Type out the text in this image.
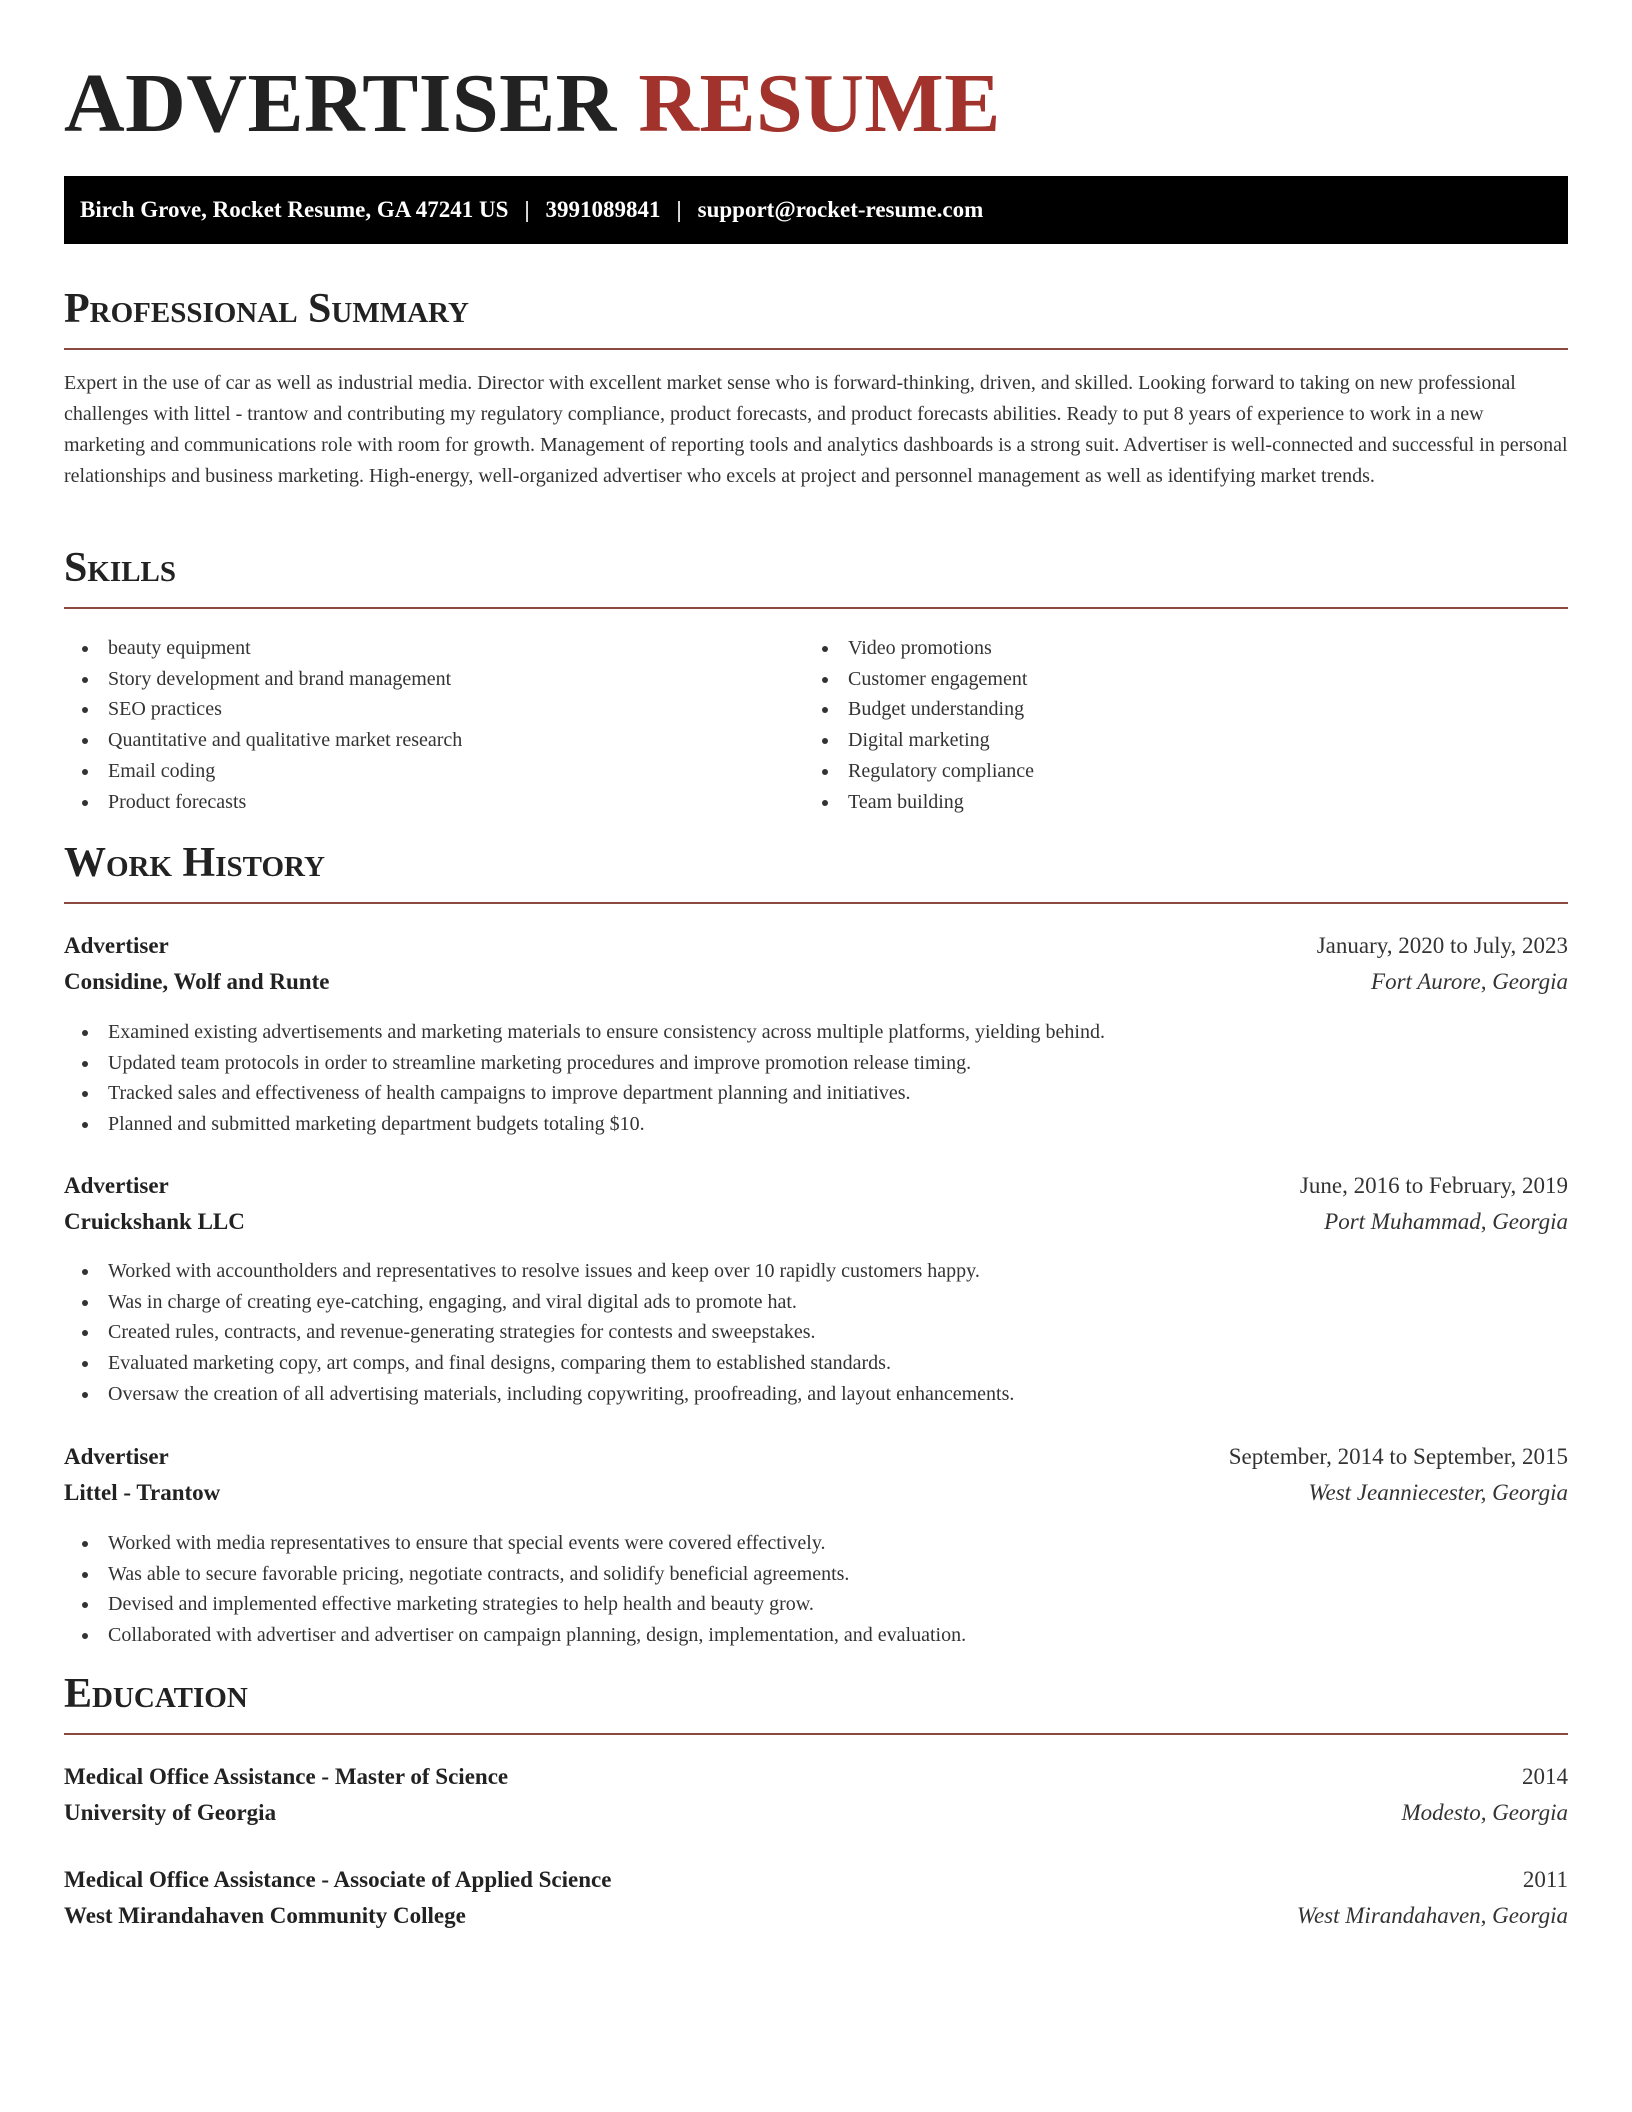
ADVERTISER RESUME
Birch Grove, Rocket Resume, GA 47241 US | 3991089841 | support@rocket-resume.com
Professional Summary

Expert in the use of car as well as industrial media. Director with excellent market sense who is forward-thinking, driven, and skilled. Looking forward to taking on new professional challenges with littel - trantow and contributing my regulatory compliance, product forecasts, and product forecasts abilities. Ready to put 8 years of experience to work in a new marketing and communications role with room for growth. Management of reporting tools and analytics dashboards is a strong suit. Advertiser is well-connected and successful in personal relationships and business marketing. High-energy, well-organized advertiser who excels at project and personnel management as well as identifying market trends.

Skills
beauty equipment
Story development and brand management
SEO practices
Quantitative and qualitative market research
Email coding
Product forecasts
Video promotions
Customer engagement
Budget understanding
Digital marketing
Regulatory compliance
Team building
Work History
Advertiser	January, 2020 to July, 2023
Considine, Wolf and Runte	Fort Aurore, Georgia
Examined existing advertisements and marketing materials to ensure consistency across multiple platforms, yielding behind.
Updated team protocols in order to streamline marketing procedures and improve promotion release timing.
Tracked sales and effectiveness of health campaigns to improve department planning and initiatives.
Planned and submitted marketing department budgets totaling $10.
Advertiser	June, 2016 to February, 2019
Cruickshank LLC	Port Muhammad, Georgia
Worked with accountholders and representatives to resolve issues and keep over 10 rapidly customers happy.
Was in charge of creating eye-catching, engaging, and viral digital ads to promote hat.
Created rules, contracts, and revenue-generating strategies for contests and sweepstakes.
Evaluated marketing copy, art comps, and final designs, comparing them to established standards.
Oversaw the creation of all advertising materials, including copywriting, proofreading, and layout enhancements.
Advertiser	September, 2014 to September, 2015
Littel - Trantow	West Jeanniecester, Georgia
Worked with media representatives to ensure that special events were covered effectively.
Was able to secure favorable pricing, negotiate contracts, and solidify beneficial agreements.
Devised and implemented effective marketing strategies to help health and beauty grow.
Collaborated with advertiser and advertiser on campaign planning, design, implementation, and evaluation.
Education
Medical Office Assistance - Master of Science	2014
University of Georgia	Modesto, Georgia
Medical Office Assistance - Associate of Applied Science	2011
West Mirandahaven Community College	West Mirandahaven, Georgia
